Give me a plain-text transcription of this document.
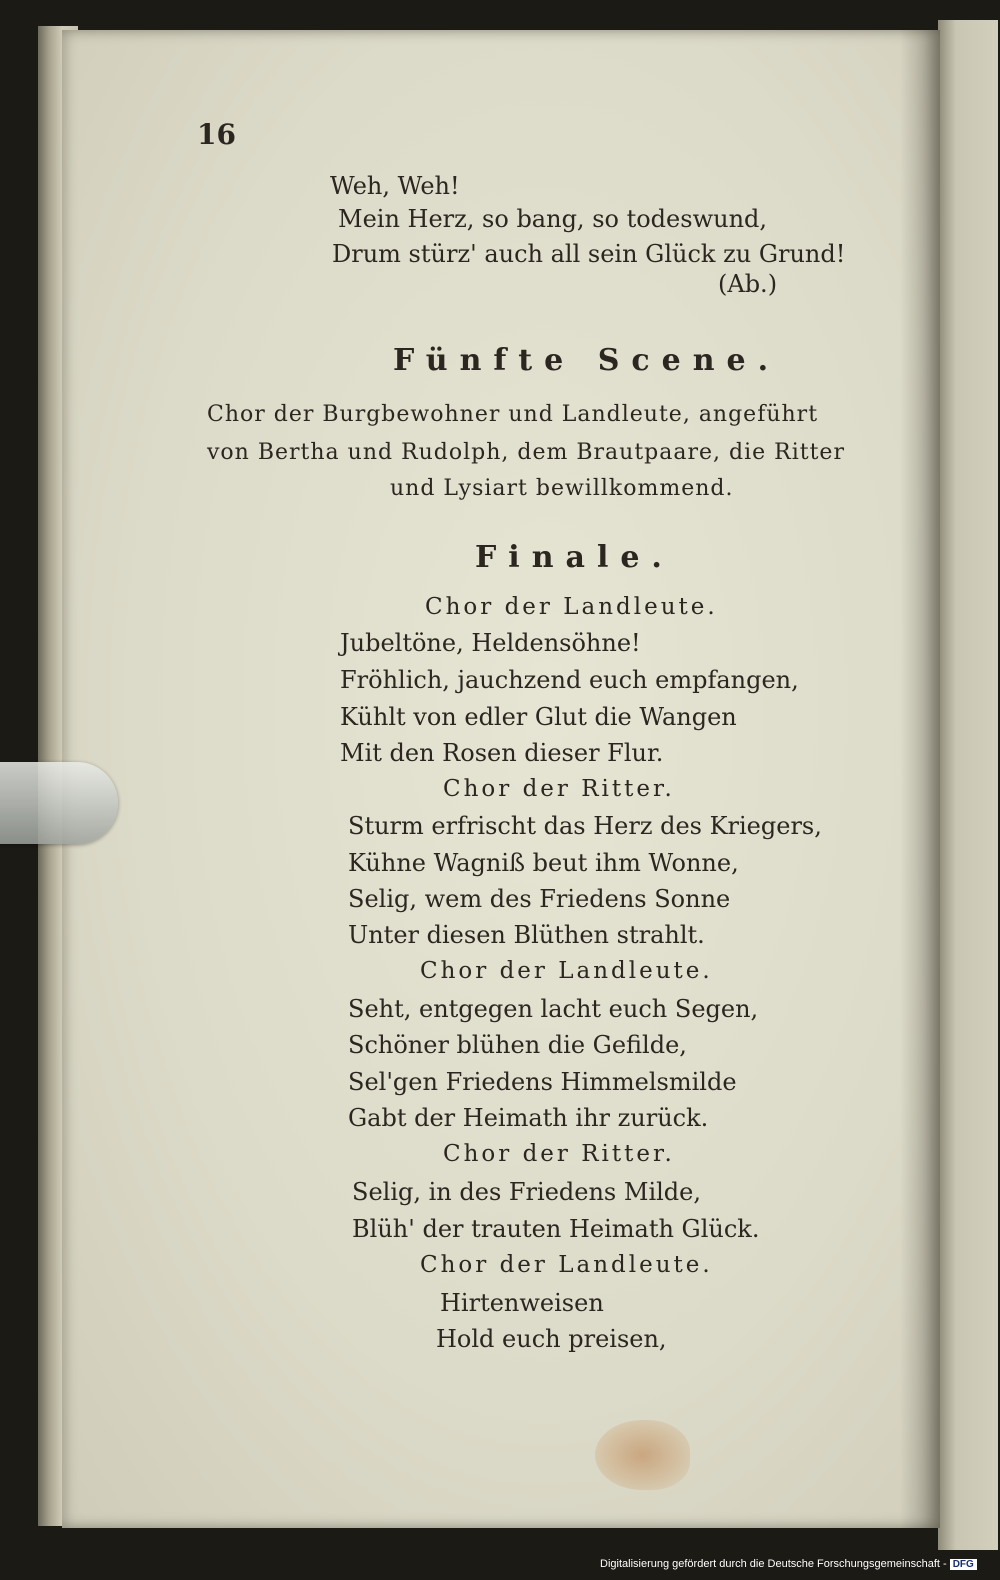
16
Weh, Weh!
Mein Herz, so bang, so todeswund,
Drum stürz' auch all sein Glück zu Grund!
(Ab.)
Fünfte Scene.
Chor der Burgbewohner und Landleute, angeführt
von Bertha und Rudolph, dem Brautpaare, die Ritter
und Lysiart bewillkommend.
Finale.
Chor der Landleute.
Jubeltöne, Heldensöhne!
Fröhlich, jauchzend euch empfangen,
Kühlt von edler Glut die Wangen
Mit den Rosen dieser Flur.
Chor der Ritter.
Sturm erfrischt das Herz des Kriegers,
Kühne Wagniß beut ihm Wonne,
Selig, wem des Friedens Sonne
Unter diesen Blüthen strahlt.
Chor der Landleute.
Seht, entgegen lacht euch Segen,
Schöner blühen die Gefilde,
Sel'gen Friedens Himmelsmilde
Gabt der Heimath ihr zurück.
Chor der Ritter.
Selig, in des Friedens Milde,
Blüh' der trauten Heimath Glück.
Chor der Landleute.
Hirtenweisen
Hold euch preisen,
Digitalisierung gefördert durch die Deutsche Forschungsgemeinschaft - DFG
